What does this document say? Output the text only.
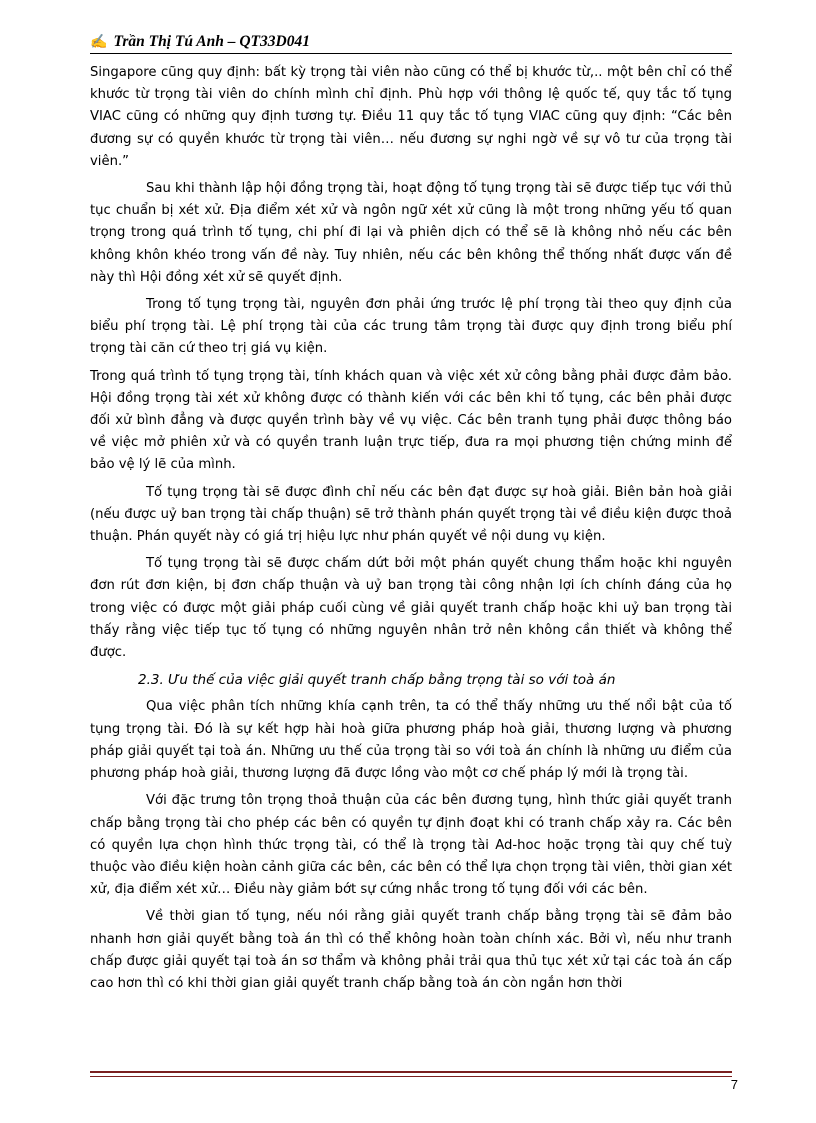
✍ Trần Thị Tú Anh – QT33D041

Singapore cũng quy định: bất kỳ trọng tài viên nào cũng có thể bị khước từ,.. một bên chỉ có thể khước từ trọng tài viên do chính mình chỉ định. Phù hợp với thông lệ quốc tế, quy tắc tố tụng VIAC cũng có những quy định tương tự. Điều 11 quy tắc tố tụng VIAC cũng quy định: “Các bên đương sự có quyền khước từ trọng tài viên… nếu đương sự nghi ngờ về sự vô tư của trọng tài viên.”

Sau khi thành lập hội đồng trọng tài, hoạt động tố tụng trọng tài sẽ được tiếp tục với thủ tục chuẩn bị xét xử. Địa điểm xét xử và ngôn ngữ xét xử cũng là một trong những yếu tố quan trọng trong quá trình tố tụng, chi phí đi lại và phiên dịch có thể sẽ là không nhỏ nếu các bên không khôn khéo trong vấn đề này. Tuy nhiên, nếu các bên không thể thống nhất được vấn đề này thì Hội đồng xét xử sẽ quyết định.

Trong tố tụng trọng tài, nguyên đơn phải ứng trước lệ phí trọng tài theo quy định của biểu phí trọng tài. Lệ phí trọng tài của các trung tâm trọng tài được quy định trong biểu phí trọng tài căn cứ theo trị giá vụ kiện.

Trong quá trình tố tụng trọng tài, tính khách quan và việc xét xử công bằng phải được đảm bảo. Hội đồng trọng tài xét xử không được có thành kiến với các bên khi tố tụng, các bên phải được đối xử bình đẳng và được quyền trình bày về vụ việc. Các bên tranh tụng phải được thông báo về việc mở phiên xử và có quyền tranh luận trực tiếp, đưa ra mọi phương tiện chứng minh để bảo vệ lý lẽ của mình.

Tố tụng trọng tài sẽ được đình chỉ nếu các bên đạt được sự hoà giải. Biên bản hoà giải (nếu được uỷ ban trọng tài chấp thuận) sẽ trở thành phán quyết trọng tài về điều kiện được thoả thuận. Phán quyết này có giá trị hiệu lực như phán quyết về nội dung vụ kiện.

Tố tụng trọng tài sẽ được chấm dứt bởi một phán quyết chung thẩm hoặc khi nguyên đơn rút đơn kiện, bị đơn chấp thuận và uỷ ban trọng tài công nhận lợi ích chính đáng của họ trong việc có được một giải pháp cuối cùng về giải quyết tranh chấp hoặc khi uỷ ban trọng tài thấy rằng việc tiếp tục tố tụng có những nguyên nhân trở nên không cần thiết và không thể được.

2.3. Ưu thế của việc giải quyết tranh chấp bằng trọng tài so với toà án

Qua việc phân tích những khía cạnh trên, ta có thể thấy những ưu thế nổi bật của tố tụng trọng tài. Đó là sự kết hợp hài hoà giữa phương pháp hoà giải, thương lượng và phương pháp giải quyết tại toà án. Những ưu thế của trọng tài so với toà án chính là những ưu điểm của phương pháp hoà giải, thương lượng đã được lồng vào một cơ chế pháp lý mới là trọng tài.

Với đặc trưng tôn trọng thoả thuận của các bên đương tụng, hình thức giải quyết tranh chấp bằng trọng tài cho phép các bên có quyền tự định đoạt khi có tranh chấp xảy ra. Các bên có quyền lựa chọn hình thức trọng tài, có thể là trọng tài Ad-hoc hoặc trọng tài quy chế tuỳ thuộc vào điều kiện hoàn cảnh giữa các bên, các bên có thể lựa chọn trọng tài viên, thời gian xét xử, địa điểm xét xử… Điều này giảm bớt sự cứng nhắc trong tố tụng đối với các bên.

Về thời gian tố tụng, nếu nói rằng giải quyết tranh chấp bằng trọng tài sẽ đảm bảo nhanh hơn giải quyết bằng toà án thì có thể không hoàn toàn chính xác. Bởi vì, nếu như tranh chấp được giải quyết tại toà án sơ thẩm và không phải trải qua thủ tục xét xử tại các toà án cấp cao hơn thì có khi thời gian giải quyết tranh chấp bằng toà án còn ngắn hơn thời

7
